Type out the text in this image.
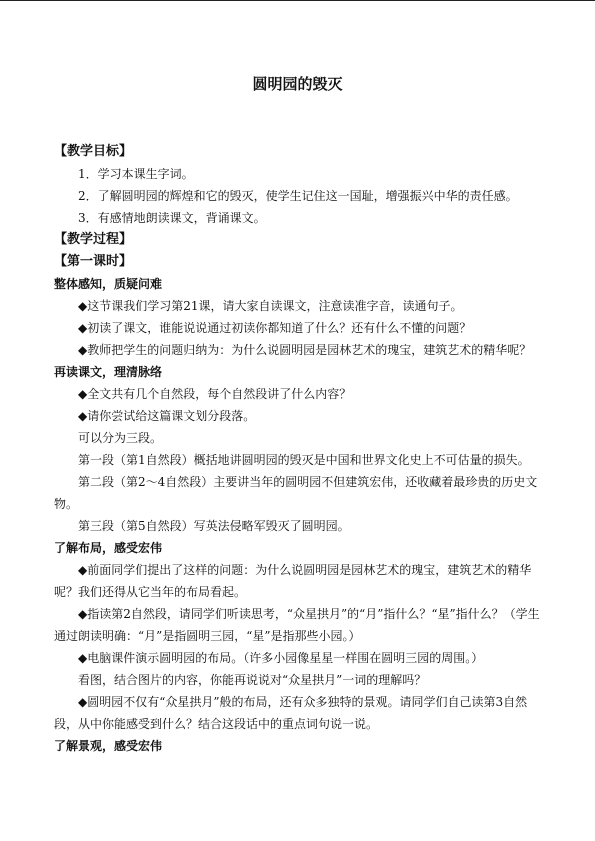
圆明园的毁灭
【教学目标】
1．学习本课生字词。
2．了解圆明园的辉煌和它的毁灭，使学生记住这一国耻，增强振兴中华的责任感。
3．有感情地朗读课文，背诵课文。
【教学过程】
【第一课时】
整体感知，质疑问难
◆这节课我们学习第21课，请大家自读课文，注意读准字音，读通句子。
◆初读了课文，谁能说说通过初读你都知道了什么？还有什么不懂的问题？
◆教师把学生的问题归纳为：为什么说圆明园是园林艺术的瑰宝，建筑艺术的精华呢？
再读课文，理清脉络
◆全文共有几个自然段，每个自然段讲了什么内容？
◆请你尝试给这篇课文划分段落。
可以分为三段。
第一段（第1自然段）概括地讲圆明园的毁灭是中国和世界文化史上不可估量的损失。
第二段（第2～4自然段）主要讲当年的圆明园不但建筑宏伟，还收藏着最珍贵的历史文物。
第三段（第5自然段）写英法侵略军毁灭了圆明园。
了解布局，感受宏伟
◆前面同学们提出了这样的问题：为什么说圆明园是园林艺术的瑰宝，建筑艺术的精华呢？我们还得从它当年的布局看起。
◆指读第2自然段，请同学们听读思考，“众星拱月”的“月”指什么？“星”指什么？（学生通过朗读明确：“月”是指圆明三园，“星”是指那些小园。）
◆电脑课件演示圆明园的布局。（许多小园像星星一样围在圆明三园的周围。）
看图，结合图片的内容，你能再说说对“众星拱月”一词的理解吗？
◆圆明园不仅有“众星拱月”般的布局，还有众多独特的景观。请同学们自己读第3自然段，从中你能感受到什么？结合这段话中的重点词句说一说。
了解景观，感受宏伟
